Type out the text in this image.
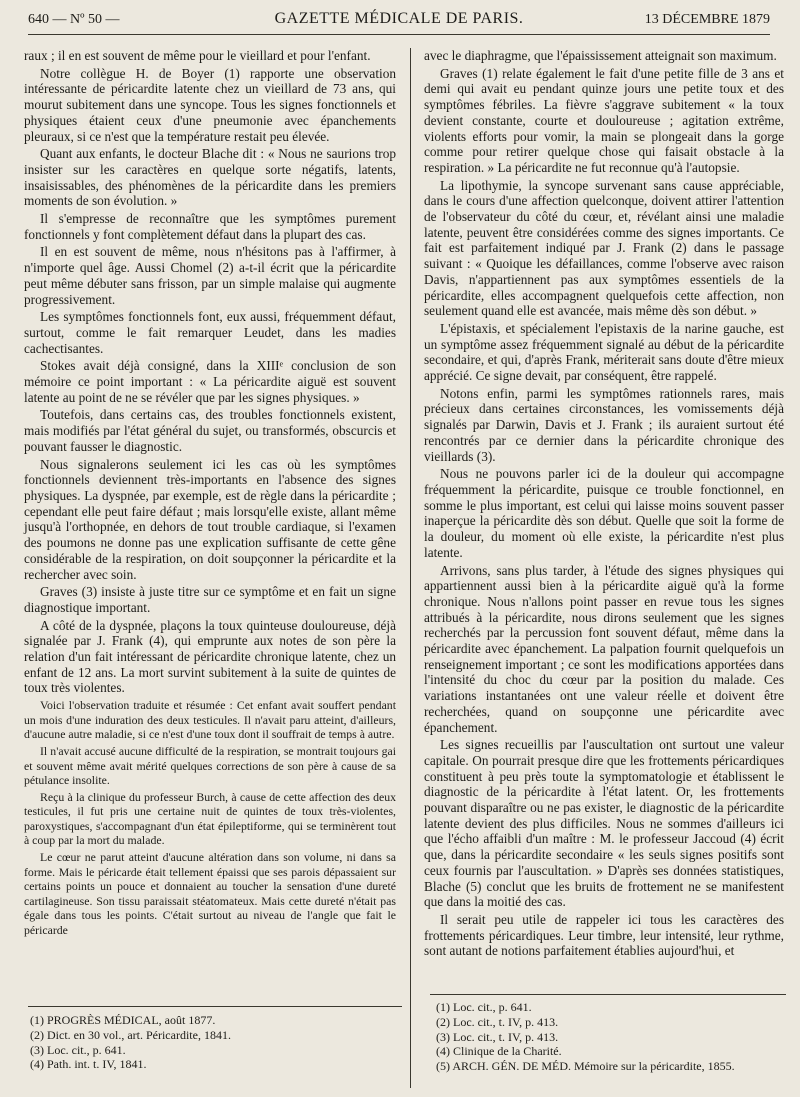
640 — Nº 50 —	GAZETTE MÉDICALE DE PARIS.	13 DÉCEMBRE 1879

raux ; il en est souvent de même pour le vieillard et pour l'enfant.

Notre collègue H. de Boyer (1) rapporte une observation intéressante de péricardite latente chez un vieillard de 73 ans, qui mourut subitement dans une syncope. Tous les signes fonctionnels et physiques étaient ceux d'une pneumonie avec épanchements pleuraux, si ce n'est que la température restait peu élevée.

Quant aux enfants, le docteur Blache dit : « Nous ne saurions trop insister sur les caractères en quelque sorte négatifs, latents, insaisissables, des phénomènes de la péricardite dans les premiers moments de son évolution. »

Il s'empresse de reconnaître que les symptômes purement fonctionnels y font complètement défaut dans la plupart des cas.

Il en est souvent de même, nous n'hésitons pas à l'affirmer, à n'importe quel âge. Aussi Chomel (2) a-t-il écrit que la péricardite peut même débuter sans frisson, par un simple malaise qui augmente progressivement.

Les symptômes fonctionnels font, eux aussi, fréquemment défaut, surtout, comme le fait remarquer Leudet, dans les madies cachectisantes.

Stokes avait déjà consigné, dans la XIIIᵉ conclusion de son mémoire ce point important : « La péricardite aiguë est souvent latente au point de ne se révéler que par les signes physiques. »

Toutefois, dans certains cas, des troubles fonctionnels existent, mais modifiés par l'état général du sujet, ou transformés, obscurcis et pouvant fausser le diagnostic.

Nous signalerons seulement ici les cas où les symptômes fonctionnels deviennent très-importants en l'absence des signes physiques. La dyspnée, par exemple, est de règle dans la péricardite ; cependant elle peut faire défaut ; mais lorsqu'elle existe, allant même jusqu'à l'orthopnée, en dehors de tout trouble cardiaque, si l'examen des poumons ne donne pas une explication suffisante de cette gêne considérable de la respiration, on doit soupçonner la péricardite et la rechercher avec soin.

Graves (3) insiste à juste titre sur ce symptôme et en fait un signe diagnostique important.

A côté de la dyspnée, plaçons la toux quinteuse douloureuse, déjà signalée par J. Frank (4), qui emprunte aux notes de son père la relation d'un fait intéressant de péricardite chronique latente, chez un enfant de 12 ans. La mort survint subitement à la suite de quintes de toux très violentes.

Voici l'observation traduite et résumée : Cet enfant avait souffert pendant un mois d'une induration des deux testicules. Il n'avait paru atteint, d'ailleurs, d'aucune autre maladie, si ce n'est d'une toux dont il souffrait de temps à autre.

Il n'avait accusé aucune difficulté de la respiration, se montrait toujours gai et souvent même avait mérité quelques corrections de son père à cause de sa pétulance insolite.

Reçu à la clinique du professeur Burch, à cause de cette affection des deux testicules, il fut pris une certaine nuit de quintes de toux très-violentes, paroxystiques, s'accompagnant d'un état épileptiforme, qui se terminèrent tout à coup par la mort du malade.

Le cœur ne parut atteint d'aucune altération dans son volume, ni dans sa forme. Mais le péricarde était tellement épaissi que ses parois dépassaient sur certains points un pouce et donnaient au toucher la sensation d'une dureté cartilagineuse. Son tissu paraissait stéatomateux. Mais cette dureté n'était pas égale dans tous les points. C'était surtout au niveau de l'angle que fait le péricarde

avec le diaphragme, que l'épaississement atteignait son maximum.

Graves (1) relate également le fait d'une petite fille de 3 ans et demi qui avait eu pendant quinze jours une petite toux et des symptômes fébriles. La fièvre s'aggrave subitement « la toux devient constante, courte et douloureuse ; agitation extrême, violents efforts pour vomir, la main se plongeait dans la gorge comme pour retirer quelque chose qui faisait obstacle à la respiration. » La péricardite ne fut reconnue qu'à l'autopsie.

La lipothymie, la syncope survenant sans cause appréciable, dans le cours d'une affection quelconque, doivent attirer l'attention de l'observateur du côté du cœur, et, révélant ainsi une maladie latente, peuvent être considérées comme des signes importants. Ce fait est parfaitement indiqué par J. Frank (2) dans le passage suivant : « Quoique les défaillances, comme l'observe avec raison Davis, n'appartiennent pas aux symptômes essentiels de la péricardite, elles accompagnent quelquefois cette affection, non seulement quand elle est avancée, mais même dès son début. »

L'épistaxis, et spécialement l'epistaxis de la narine gauche, est un symptôme assez fréquemment signalé au début de la péricardite secondaire, et qui, d'après Frank, mériterait sans doute d'être mieux apprécié. Ce signe devait, par conséquent, être rappelé.

Notons enfin, parmi les symptômes rationnels rares, mais précieux dans certaines circonstances, les vomissements déjà signalés par Darwin, Davis et J. Frank ; ils auraient surtout été rencontrés par ce dernier dans la péricardite chronique des vieillards (3).

Nous ne pouvons parler ici de la douleur qui accompagne fréquemment la péricardite, puisque ce trouble fonctionnel, en somme le plus important, est celui qui laisse moins souvent passer inaperçue la péricardite dès son début. Quelle que soit la forme de la douleur, du moment où elle existe, la péricardite n'est plus latente.

Arrivons, sans plus tarder, à l'étude des signes physiques qui appartiennent aussi bien à la péricardite aiguë qu'à la forme chronique. Nous n'allons point passer en revue tous les signes attribués à la péricardite, nous dirons seulement que les signes recherchés par la percussion font souvent défaut, même dans la péricardite avec épanchement. La palpation fournit quelquefois un renseignement important ; ce sont les modifications apportées dans l'intensité du choc du cœur par la position du malade. Ces variations instantanées ont une valeur réelle et doivent être recherchées, quand on soupçonne une péricardite avec épanchement.

Les signes recueillis par l'auscultation ont surtout une valeur capitale. On pourrait presque dire que les frottements péricardiques constituent à peu près toute la symptomatologie et établissent le diagnostic de la péricardite à l'état latent. Or, les frottements pouvant disparaître ou ne pas exister, le diagnostic de la péricardite latente devient des plus difficiles. Nous ne sommes d'ailleurs ici que l'écho affaibli d'un maître : M. le professeur Jaccoud (4) écrit que, dans la péricardite secondaire « les seuls signes positifs sont ceux fournis par l'auscultation. » D'après ses données statistiques, Blache (5) conclut que les bruits de frottement ne se manifestent que dans la moitié des cas.

Il serait peu utile de rappeler ici tous les caractères des frottements péricardiques. Leur timbre, leur intensité, leur rythme, sont autant de notions parfaitement établies aujourd'hui, et

(1) PROGRÈS MÉDICAL, août 1877.
(2) Dict. en 30 vol., art. Péricardite, 1841.
(3) Loc. cit., p. 641.
(4) Path. int. t. IV, 1841.
(1) Loc. cit., p. 641.
(2) Loc. cit., t. IV, p. 413.
(3) Loc. cit., t. IV, p. 413.
(4) Clinique de la Charité.
(5) ARCH. GÉN. DE MÉD. Mémoire sur la péricardite, 1855.
